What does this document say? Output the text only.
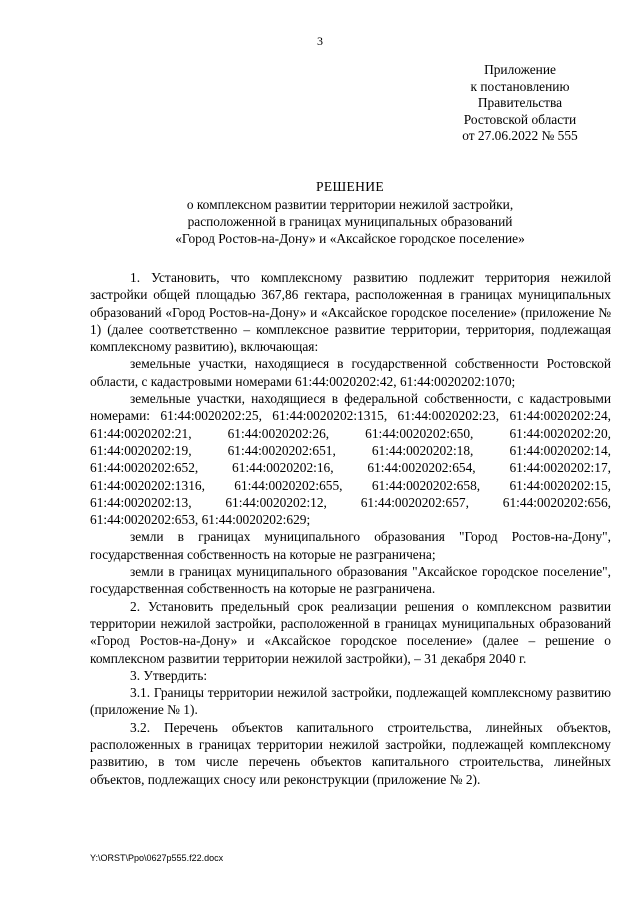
3
Приложение
к постановлению
Правительства
Ростовской области
от 27.06.2022 № 555
РЕШЕНИЕ
о комплексном развитии территории нежилой застройки,
расположенной в границах муниципальных образований
«Город Ростов-на-Дону» и «Аксайское городское поселение»

1. Установить, что комплексному развитию подлежит территория нежилой застройки общей площадью 367,86 гектара, расположенная в границах муниципальных образований «Город Ростов-на-Дону» и «Аксайское городское поселение» (приложение № 1) (далее соответственно – комплексное развитие территории, территория, подлежащая комплексному развитию), включающая:

земельные участки, находящиеся в государственной собственности Ростовской области, с кадастровыми номерами 61:44:0020202:42, 61:44:0020202:1070;

земельные участки, находящиеся в федеральной собственности, с кадастровыми номерами: 61:44:0020202:25, 61:44:0020202:1315, 61:44:0020202:23, 61:44:0020202:24, 61:44:0020202:21, 61:44:0020202:26, 61:44:0020202:650, 61:44:0020202:20, 61:44:0020202:19, 61:44:0020202:651, 61:44:0020202:18, 61:44:0020202:14, 61:44:0020202:652, 61:44:0020202:16, 61:44:0020202:654, 61:44:0020202:17, 61:44:0020202:1316, 61:44:0020202:655, 61:44:0020202:658, 61:44:0020202:15, 61:44:0020202:13, 61:44:0020202:12, 61:44:0020202:657, 61:44:0020202:656, 61:44:0020202:653, 61:44:0020202:629;

земли в границах муниципального образования "Город Ростов-на-Дону", государственная собственность на которые не разграничена;

земли в границах муниципального образования "Аксайское городское поселение", государственная собственность на которые не разграничена.

2. Установить предельный срок реализации решения о комплексном развитии территории нежилой застройки, расположенной в границах муниципальных образований «Город Ростов-на-Дону» и «Аксайское городское поселение» (далее – решение о комплексном развитии территории нежилой застройки), – 31 декабря 2040 г.

3. Утвердить:

3.1. Границы территории нежилой застройки, подлежащей комплексному развитию (приложение № 1).

3.2. Перечень объектов капитального строительства, линейных объектов, расположенных в границах территории нежилой застройки, подлежащей комплексному развитию, в том числе перечень объектов капитального строительства, линейных объектов, подлежащих сносу или реконструкции (приложение № 2).

Y:\ORST\Ppo\0627p555.f22.docx
